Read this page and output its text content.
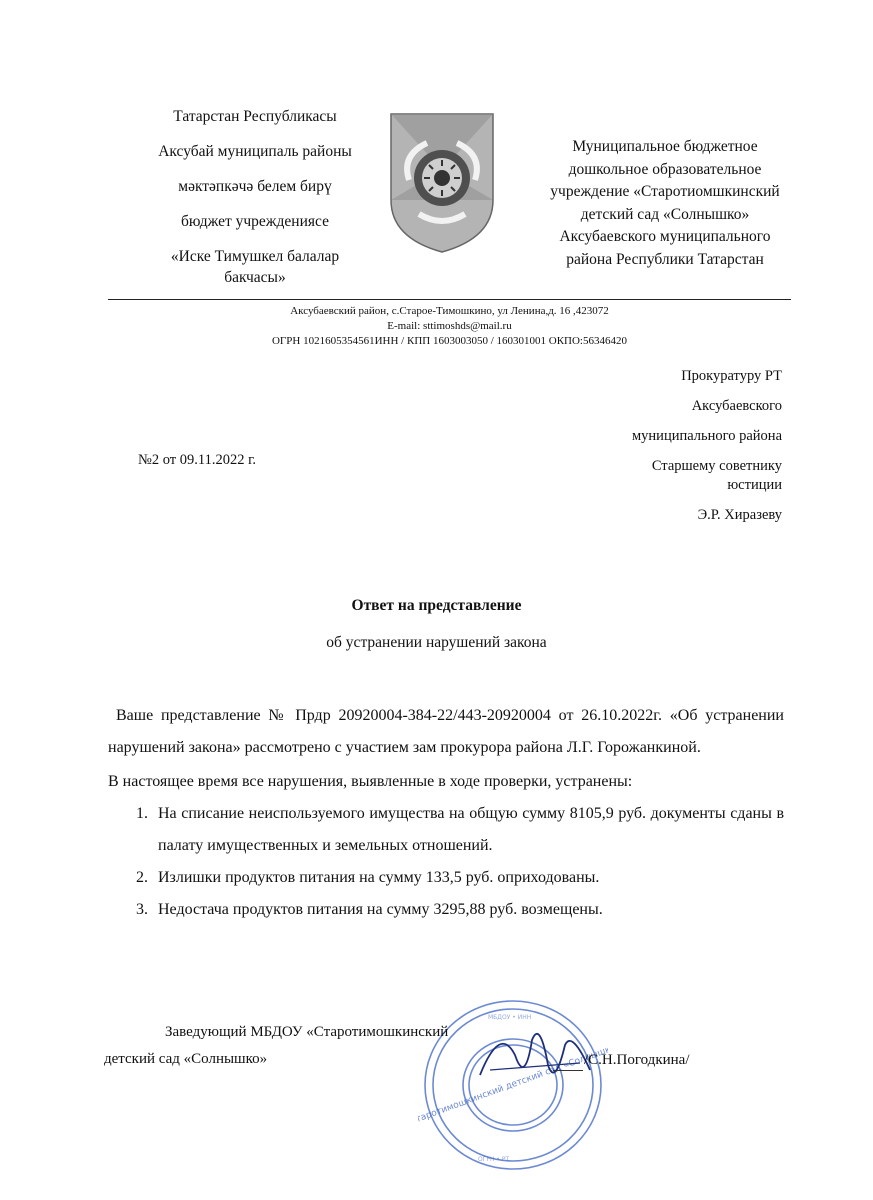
Татарстан Республикасы
Аксубай муниципаль районы
мәктәпкәчә белем бирү
бюджет учреждениясе
«Иске Тимушкел балалар бакчасы»
Муниципальное бюджетное
дошкольное образовательное
учреждение «Старотиомшкинский
детский сад «Солнышко»
Аксубаевского муниципального
района Республики Татарстан
Аксубаевский район, с.Старое-Тимошкино, ул Ленина,д. 16 ,423072
E-mail: sttimoshds@mail.ru
ОГРН 1021605354561ИНН / КПП 1603003050 / 160301001 ОКПО:56346420
Прокуратуру РТ
Аксубаевского
муниципального района
Старшему советнику юстиции
Э.Р. Хиразеву
№2 от 09.11.2022 г.
Ответ на представление
об устранении нарушений закона
Ваше представление № Прдр 20920004-384-22/443-20920004 от 26.10.2022г. «Об устранении нарушений закона» рассмотрено с участием зам прокурора района Л.Г. Горожанкиной.
В настоящее время все нарушения, выявленные в ходе проверки, устранены:
1. На списание неиспользуемого имущества на общую сумму 8105,9 руб. документы сданы в палату имущественных и земельных отношений.
2. Излишки продуктов питания на сумму 133,5 руб. оприходованы.
3. Недостача продуктов питания на сумму 3295,88 руб. возмещены.
МБДОУ • ИНН
ОГРН • РТ
«Старотимошкинский детский сад «Солнышко»
Заведующий МБДОУ «Старотимошкинский
детский сад «Солнышко»	/С.Н.Погодкина/
